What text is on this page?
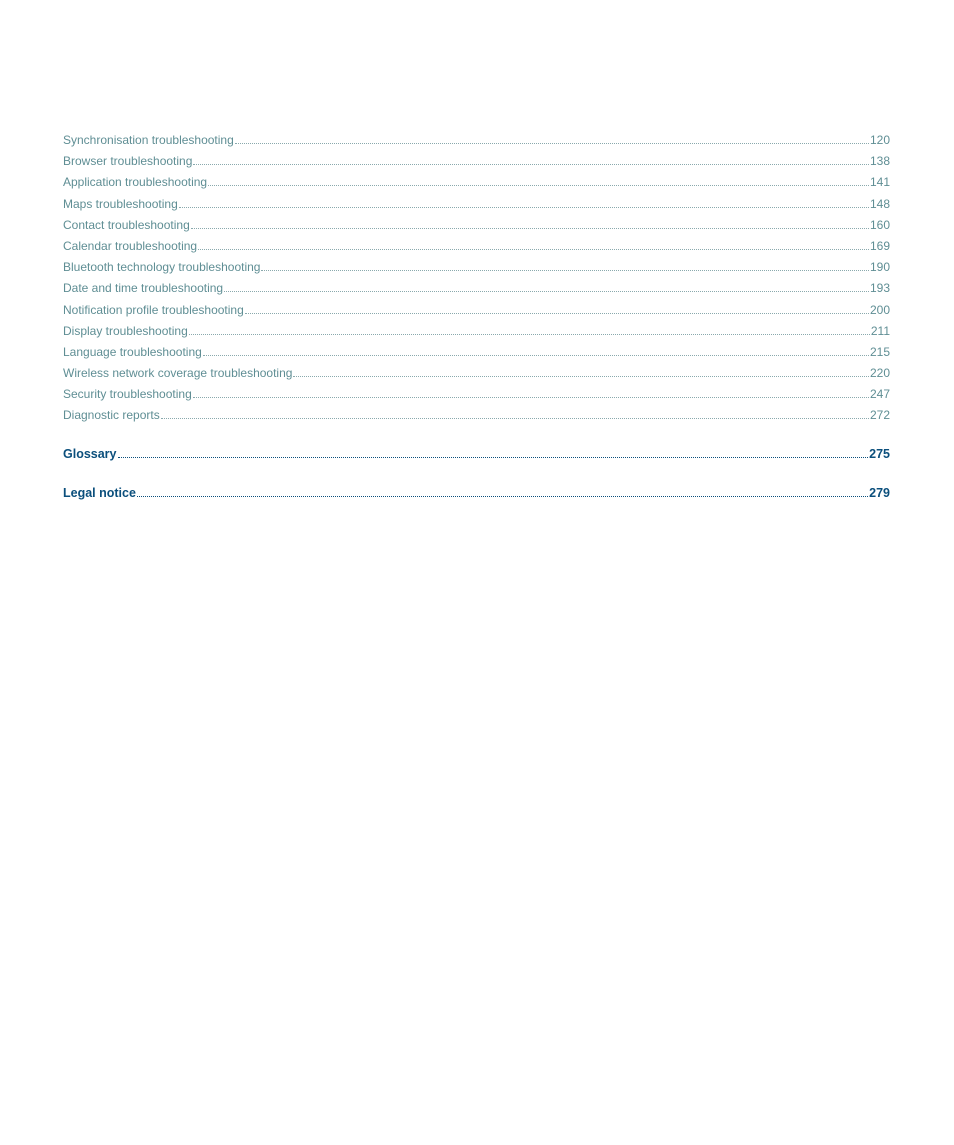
Synchronisation troubleshooting	120
Browser troubleshooting	138
Application troubleshooting	141
Maps troubleshooting	148
Contact troubleshooting	160
Calendar troubleshooting	169
Bluetooth technology troubleshooting	190
Date and time troubleshooting	193
Notification profile troubleshooting	200
Display troubleshooting	211
Language troubleshooting	215
Wireless network coverage troubleshooting	220
Security troubleshooting	247
Diagnostic reports	272
Glossary	275
Legal notice	279
